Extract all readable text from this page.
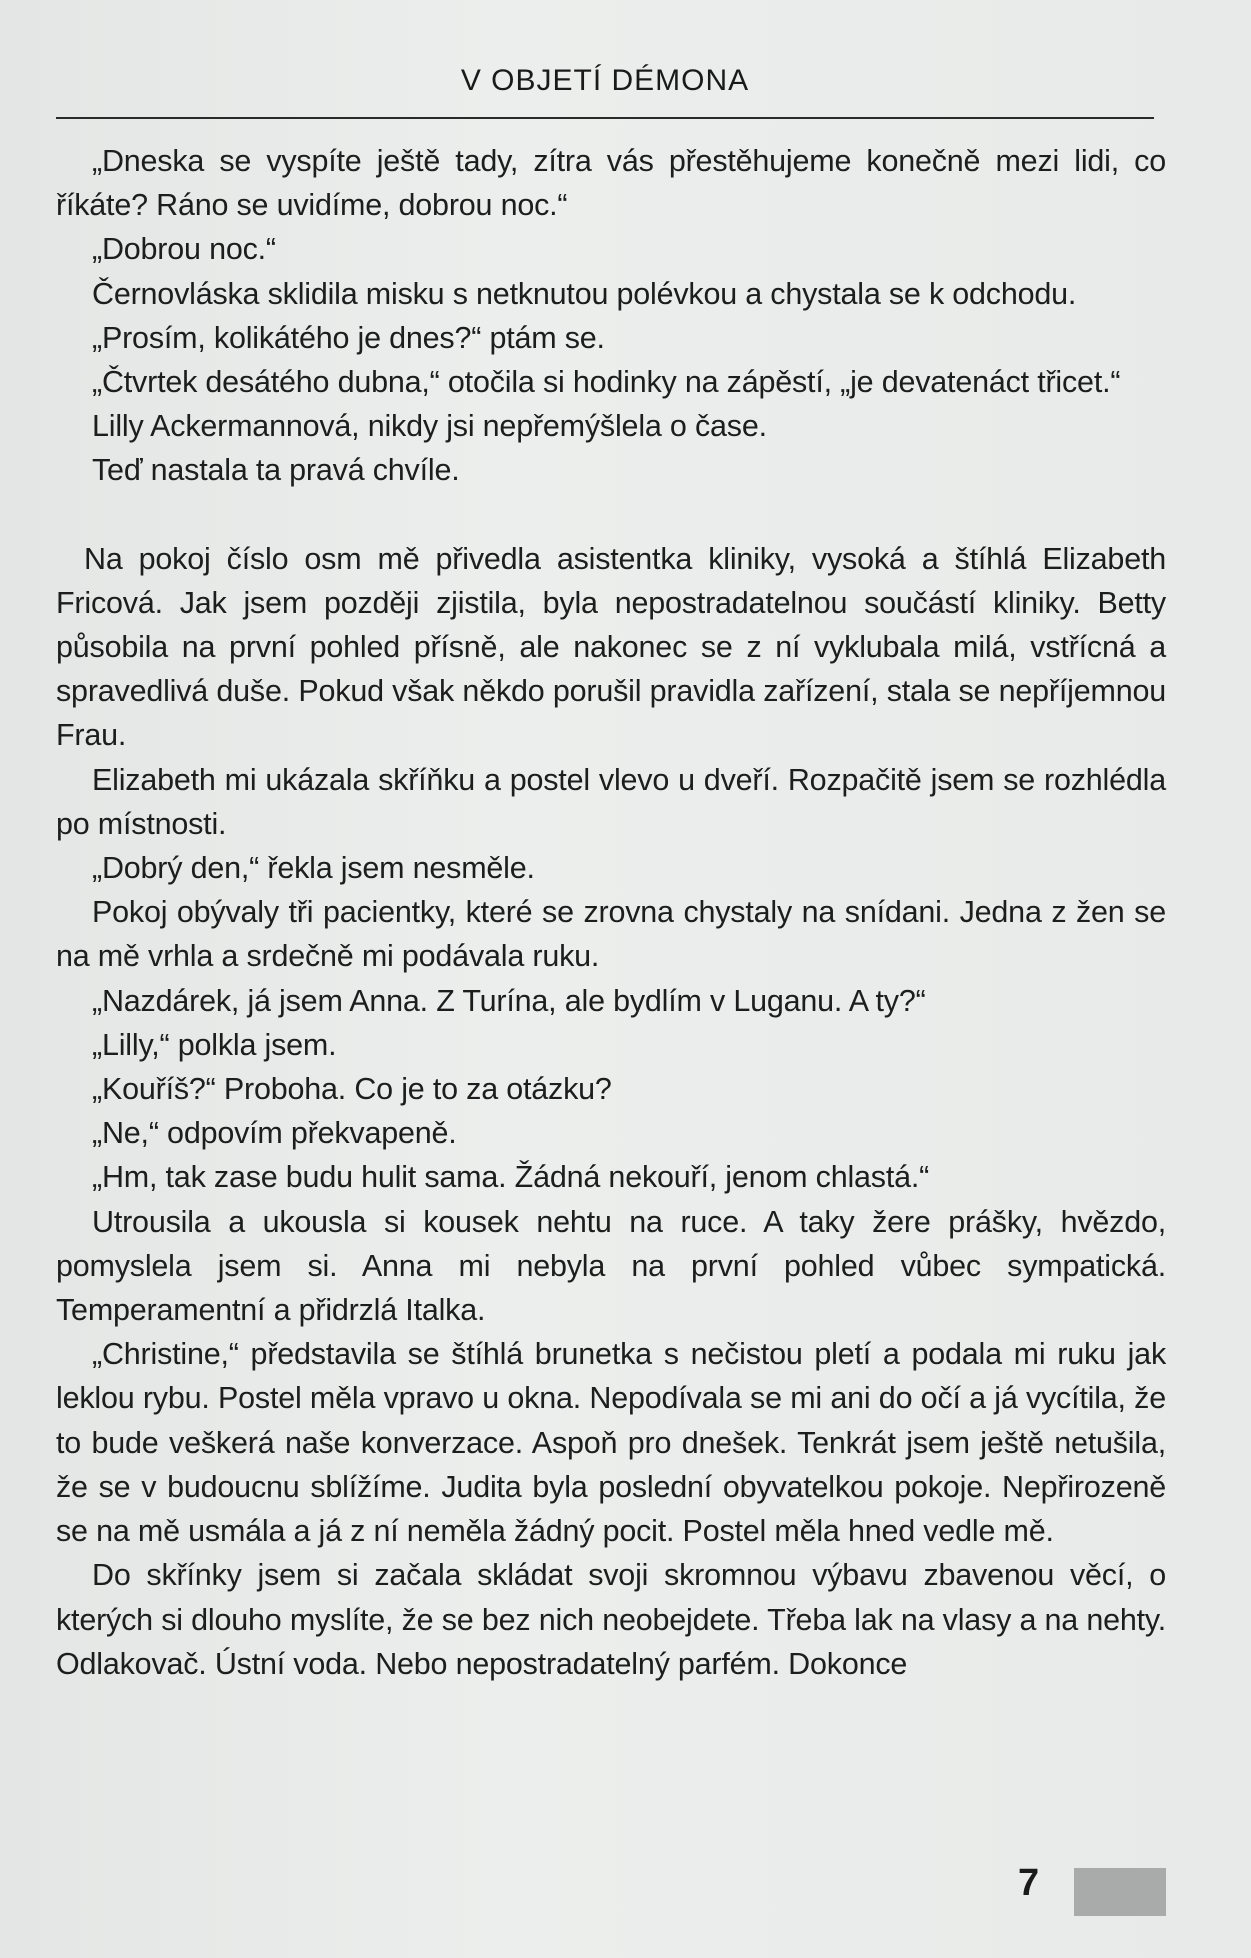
V OBJETÍ DÉMONA

„Dneska se vyspíte ještě tady, zítra vás přestěhujeme konečně mezi lidi, co říkáte? Ráno se uvidíme, dobrou noc.“

„Dobrou noc.“

Černovláska sklidila misku s netknutou polévkou a chystala se k odchodu.

„Prosím, kolikátého je dnes?“ ptám se.

„Čtvrtek desátého dubna,“ otočila si hodinky na zápěstí, „je devatenáct třicet.“

Lilly Ackermannová, nikdy jsi nepřemýšlela o čase.

Teď nastala ta pravá chvíle.

Na pokoj číslo osm mě přivedla asistentka kliniky, vysoká a štíhlá Elizabeth Fricová. Jak jsem později zjistila, byla nepostradatelnou součástí kliniky. Betty působila na první pohled přísně, ale nakonec se z ní vyklubala milá, vstřícná a spravedlivá duše. Pokud však někdo porušil pravidla zařízení, stala se nepříjemnou Frau.

Elizabeth mi ukázala skříňku a postel vlevo u dveří. Rozpačitě jsem se rozhlédla po místnosti.

„Dobrý den,“ řekla jsem nesměle.

Pokoj obývaly tři pacientky, které se zrovna chystaly na snídani. Jedna z žen se na mě vrhla a srdečně mi podávala ruku.

„Nazdárek, já jsem Anna. Z Turína, ale bydlím v Luganu. A ty?“

„Lilly,“ polkla jsem.

„Kouříš?“ Proboha. Co je to za otázku?

„Ne,“ odpovím překvapeně.

„Hm, tak zase budu hulit sama. Žádná nekouří, jenom chlastá.“

Utrousila a ukousla si kousek nehtu na ruce. A taky žere prášky, hvězdo, pomyslela jsem si. Anna mi nebyla na první pohled vůbec sympatická. Temperamentní a přidrzlá Italka.

„Christine,“ představila se štíhlá brunetka s nečistou pletí a podala mi ruku jak leklou rybu. Postel měla vpravo u okna. Nepodívala se mi ani do očí a já vycítila, že to bude veškerá naše konverzace. Aspoň pro dnešek. Tenkrát jsem ještě netušila, že se v budoucnu sblížíme. Judita byla poslední obyvatelkou pokoje. Nepřirozeně se na mě usmála a já z ní neměla žádný pocit. Postel měla hned vedle mě.

Do skřínky jsem si začala skládat svoji skromnou výbavu zbavenou věcí, o kterých si dlouho myslíte, že se bez nich neobejdete. Třeba lak na vlasy a na nehty. Odlakovač. Ústní voda. Nebo nepostradatelný parfém. Dokonce

7
